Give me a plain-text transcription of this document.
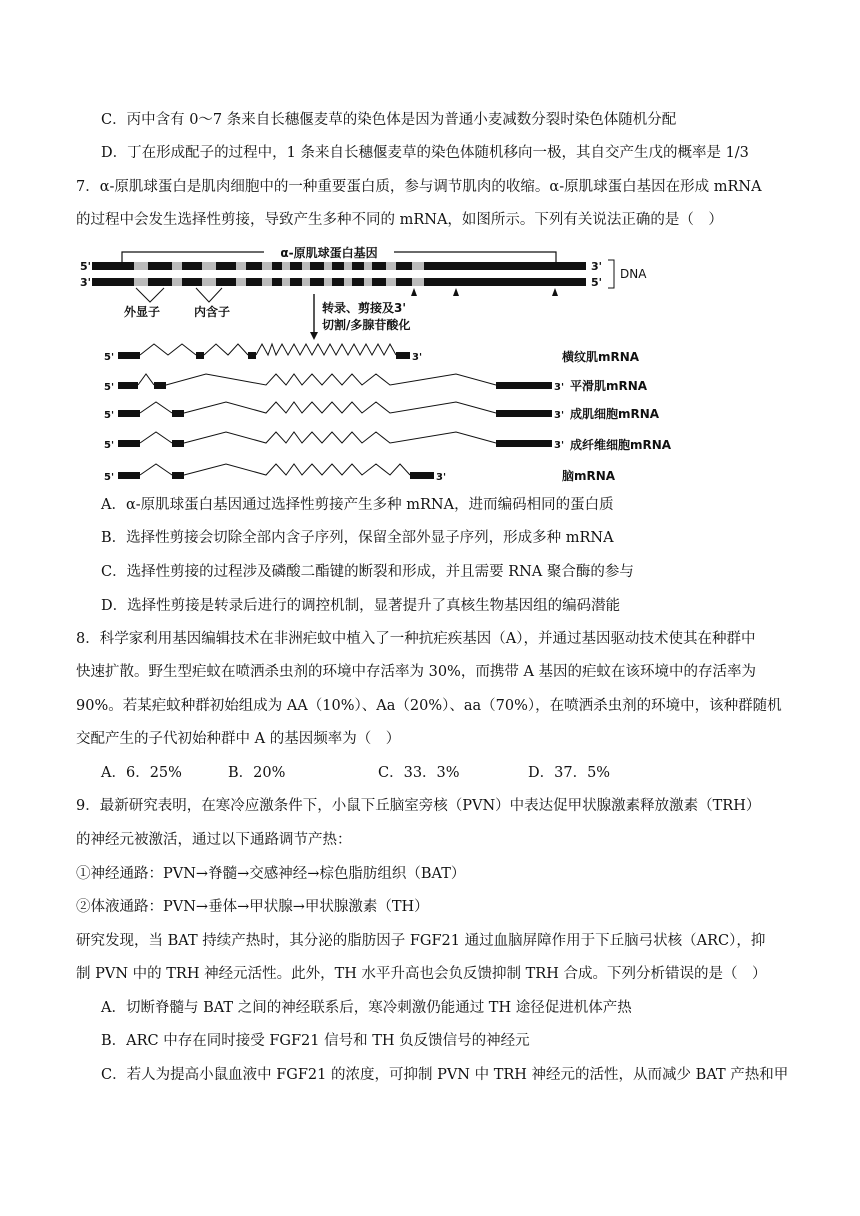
C．丙中含有 0～7 条来自长穗偃麦草的染色体是因为普通小麦减数分裂时染色体随机分配
D．丁在形成配子的过程中，1 条来自长穗偃麦草的染色体随机移向一极，其自交产生戊的概率是 1/3
7．α-原肌球蛋白是肌肉细胞中的一种重要蛋白质，参与调节肌肉的收缩。α-原肌球蛋白基因在形成 mRNA
的过程中会发生选择性剪接，导致产生多种不同的 mRNA，如图所示。下列有关说法正确的是（　）
α-原肌球蛋白基因
5'
3'
3'
5'
DNA
外显子	内含子	转录、剪接及3'
切割/多腺苷酸化
5'	3'	横纹肌mRNA
5'	3' 平滑肌mRNA
5'	3' 成肌细胞mRNA
5'	3' 成纤维细胞mRNA
5'	3'	脑mRNA
A．α-原肌球蛋白基因通过选择性剪接产生多种 mRNA，进而编码相同的蛋白质
B．选择性剪接会切除全部内含子序列，保留全部外显子序列，形成多种 mRNA
C．选择性剪接的过程涉及磷酸二酯键的断裂和形成，并且需要 RNA 聚合酶的参与
D．选择性剪接是转录后进行的调控机制，显著提升了真核生物基因组的编码潜能
8．科学家利用基因编辑技术在非洲疟蚊中植入了一种抗疟疾基因（A），并通过基因驱动技术使其在种群中
快速扩散。野生型疟蚊在喷洒杀虫剂的环境中存活率为 30%，而携带 A 基因的疟蚊在该环境中的存活率为
90%。若某疟蚊种群初始组成为 AA（10%）、Aa（20%）、aa（70%），在喷洒杀虫剂的环境中，该种群随机
交配产生的子代初始种群中 A 的基因频率为（　）
A．6．25%	B．20%	C．33．3%	D．37．5%
9．最新研究表明，在寒冷应激条件下，小鼠下丘脑室旁核（PVN）中表达促甲状腺激素释放激素（TRH）
的神经元被激活，通过以下通路调节产热：
①神经通路：PVN→脊髓→交感神经→棕色脂肪组织（BAT）
②体液通路：PVN→垂体→甲状腺→甲状腺激素（TH）
研究发现，当 BAT 持续产热时，其分泌的脂肪因子 FGF21 通过血脑屏障作用于下丘脑弓状核（ARC），抑
制 PVN 中的 TRH 神经元活性。此外，TH 水平升高也会负反馈抑制 TRH 合成。下列分析错误的是（　）
A．切断脊髓与 BAT 之间的神经联系后，寒冷刺激仍能通过 TH 途径促进机体产热
B．ARC 中存在同时接受 FGF21 信号和 TH 负反馈信号的神经元
C．若人为提高小鼠血液中 FGF21 的浓度，可抑制 PVN 中 TRH 神经元的活性，从而减少 BAT 产热和甲
